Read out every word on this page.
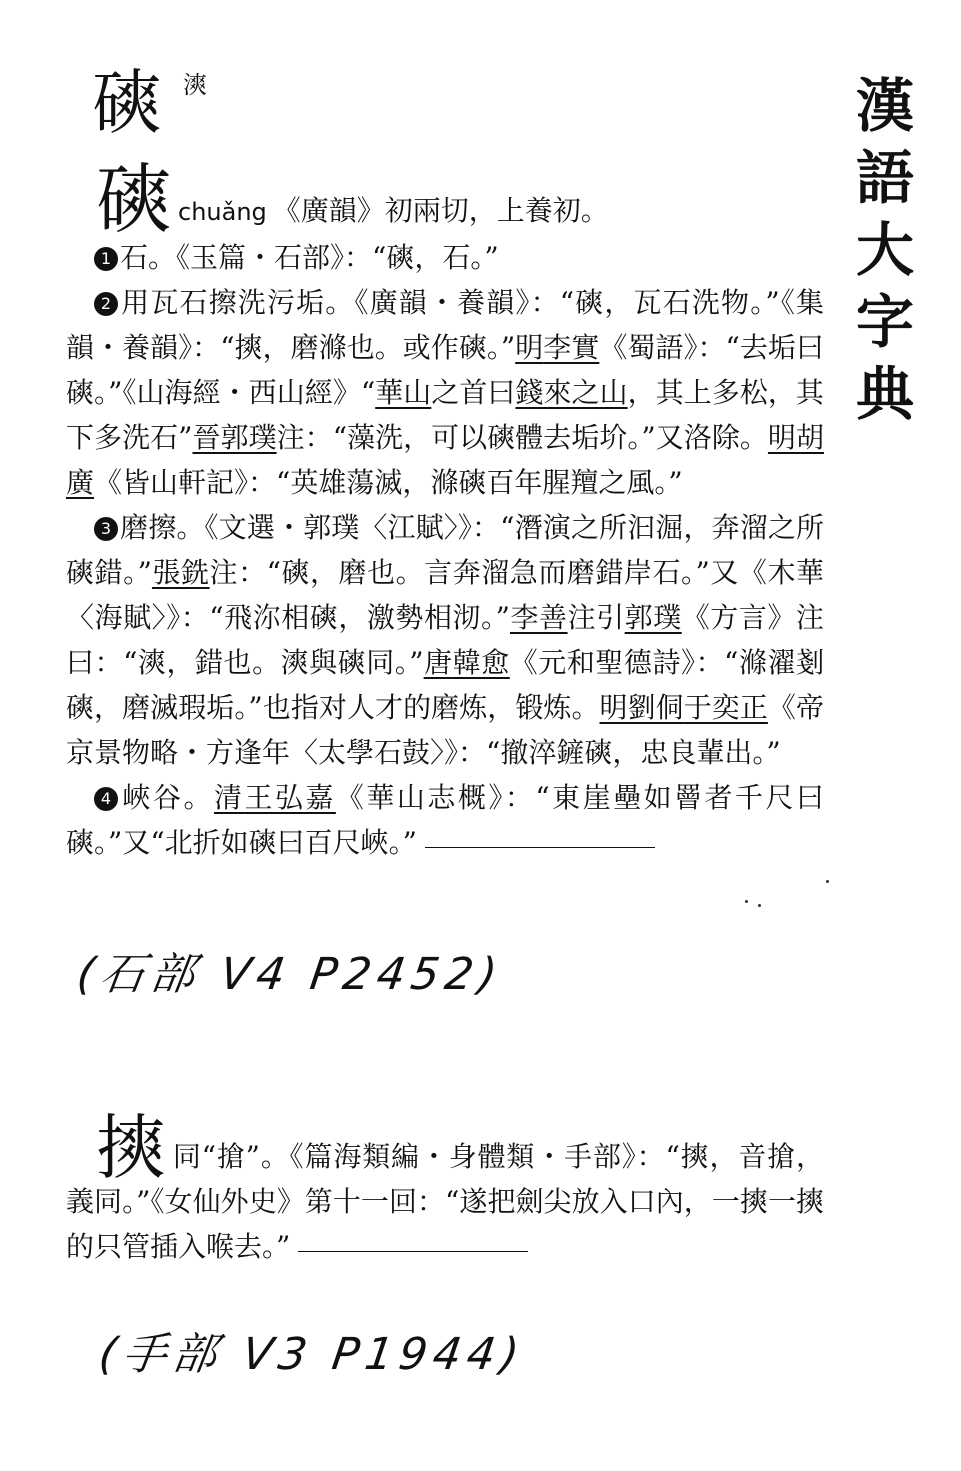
漢
語
大
字
典
磢 漺

磢chuǎng 《廣韻》初兩切，上養初。

1 石。《玉篇・石部》：“磢，石。”

2 用瓦石擦洗污垢。《廣韻・養韻》：“磢，瓦石洗物。”《集韻・養韻》：“摤，磨滌也。或作磢。”明李實《蜀語》：“去垢曰磢。”《山海經・西山經》“華山之首曰錢來之山，其上多松，其下多洗石”晉郭璞注：“藻洗，可以磢體去垢圿。”又洛除。明胡廣《皆山軒記》：“英雄蕩滅，滌磢百年腥羶之風。”

3 磨擦。《文選・郭璞〈江賦〉》：“潛演之所汩淈，奔溜之所磢錯。”張銑注：“磢，磨也。言奔溜急而磨錯岸石。”又《木華〈海賦〉》：“飛沵相磢，激勢相沏。”李善注引郭璞《方言》注曰：“漺，錯也。漺與磢同。”唐韓愈《元和聖德詩》：“滌濯剗磢，磨滅瑕垢。”也指对人才的磨炼，锻炼。明劉侗于奕正《帝京景物略・方逢年〈太學石鼓〉》：“撤淬鏟磢，忠良輩出。”

4 峽谷。清王弘嘉《華山志概》：“東崖壘如罾者千尺曰磢。”又“北折如磢曰百尺峽。”

(石部 V4 P2452)

摤同“搶”。《篇海類編・身體類・手部》：“摤，音搶，義同。”《女仙外史》第十一回：“遂把劍尖放入口內，一摤一摤的只管插入喉去。”

(手部 V3 P1944)
